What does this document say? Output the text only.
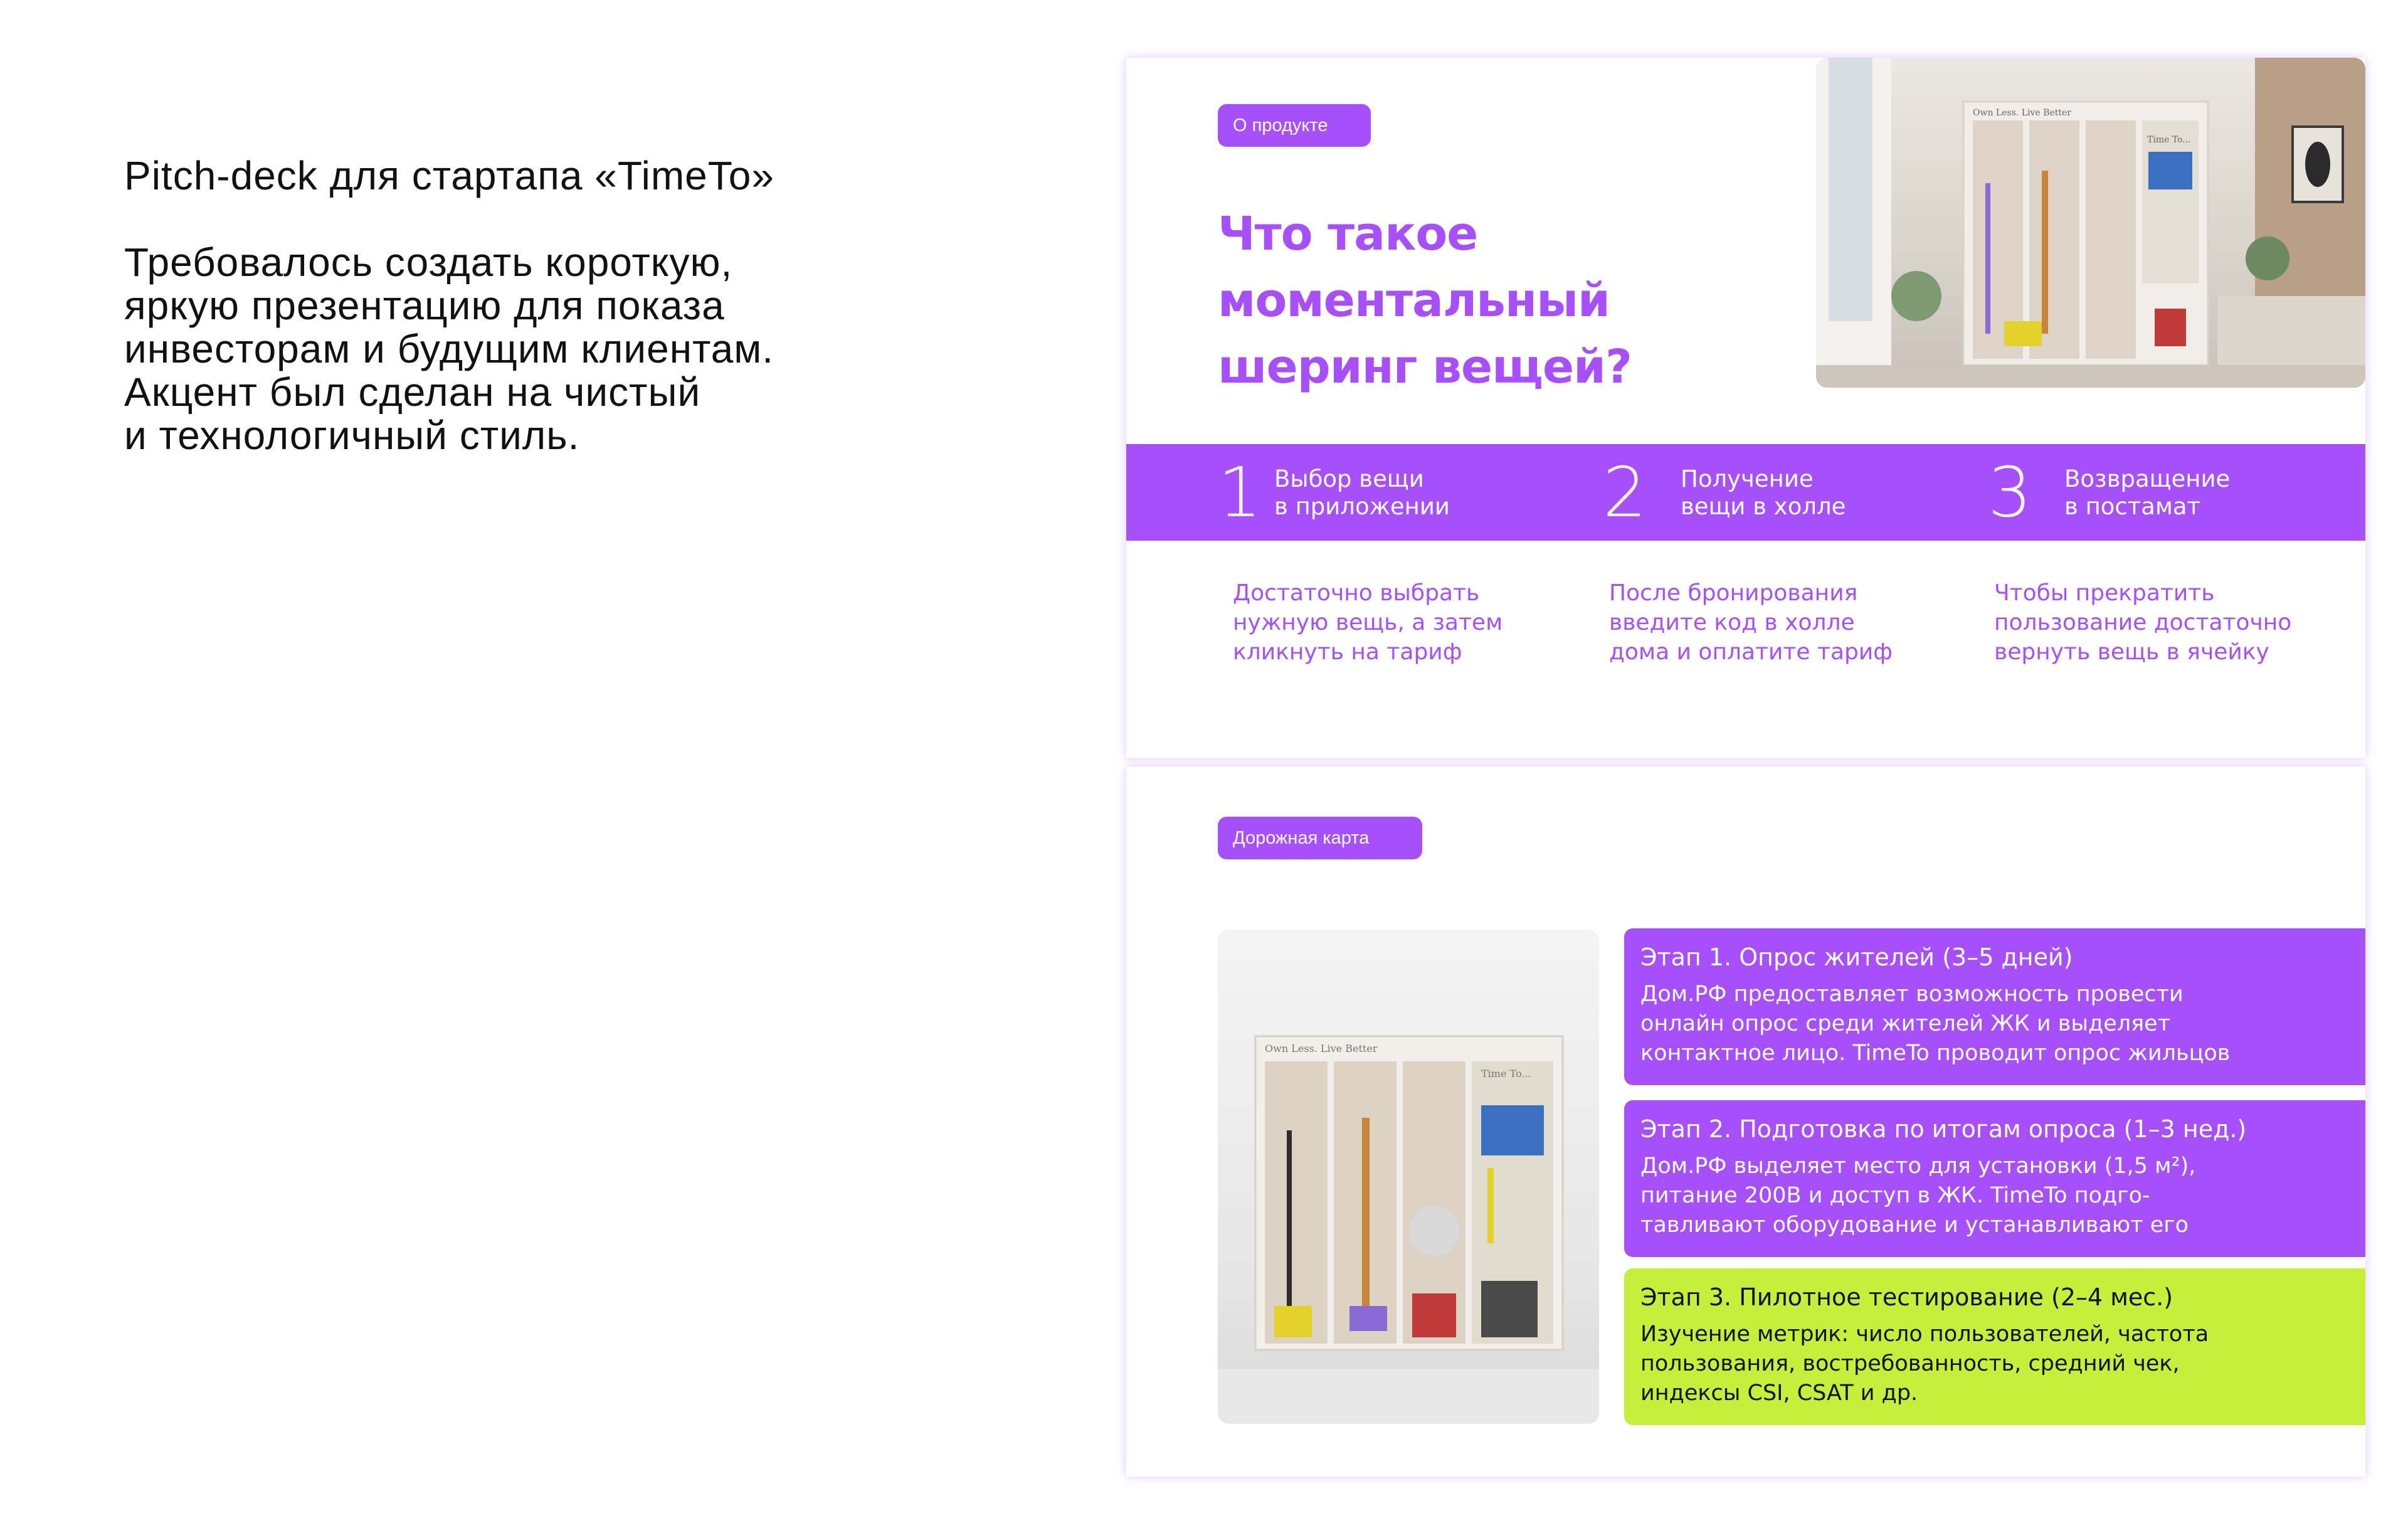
Pitch-deck для стартапа «TimeTo»
Требовалось создать короткую,
яркую презентацию для показа
инвесторам и будущим клиентам.
Акцент был сделан на чистый
и технологичный стиль.
О продукте
Что такое
моментальный
шеринг вещей?
Own Less. Live Better
Time To...
1 Выбор вещи
в приложении	2 Получение
вещи в холле	3 Возвращение
в постамат
Достаточно выбрать
нужную вещь, а затем
кликнуть на тариф
После бронирования
введите код в холле
дома и оплатите тариф
Чтобы прекратить
пользование достаточно
вернуть вещь в ячейку
Дорожная карта
Own Less. Live Better
Time To...
Этап 1. Опрос жителей (3–5 дней)
Дом.РФ предоставляет возможность провести
онлайн опрос среди жителей ЖК и выделяет
контактное лицо. TimeTo проводит опрос жильцов
Этап 2. Подготовка по итогам опроса (1–3 нед.)
Дом.РФ выделяет место для установки (1,5 м²),
питание 200В и доступ в ЖК. TimeTo подго-
тавливают оборудование и устанавливают его
Этап 3. Пилотное тестирование (2–4 мес.)
Изучение метрик: число пользователей, частота
пользования, востребованность, средний чек,
индексы CSI, CSAT и др.
